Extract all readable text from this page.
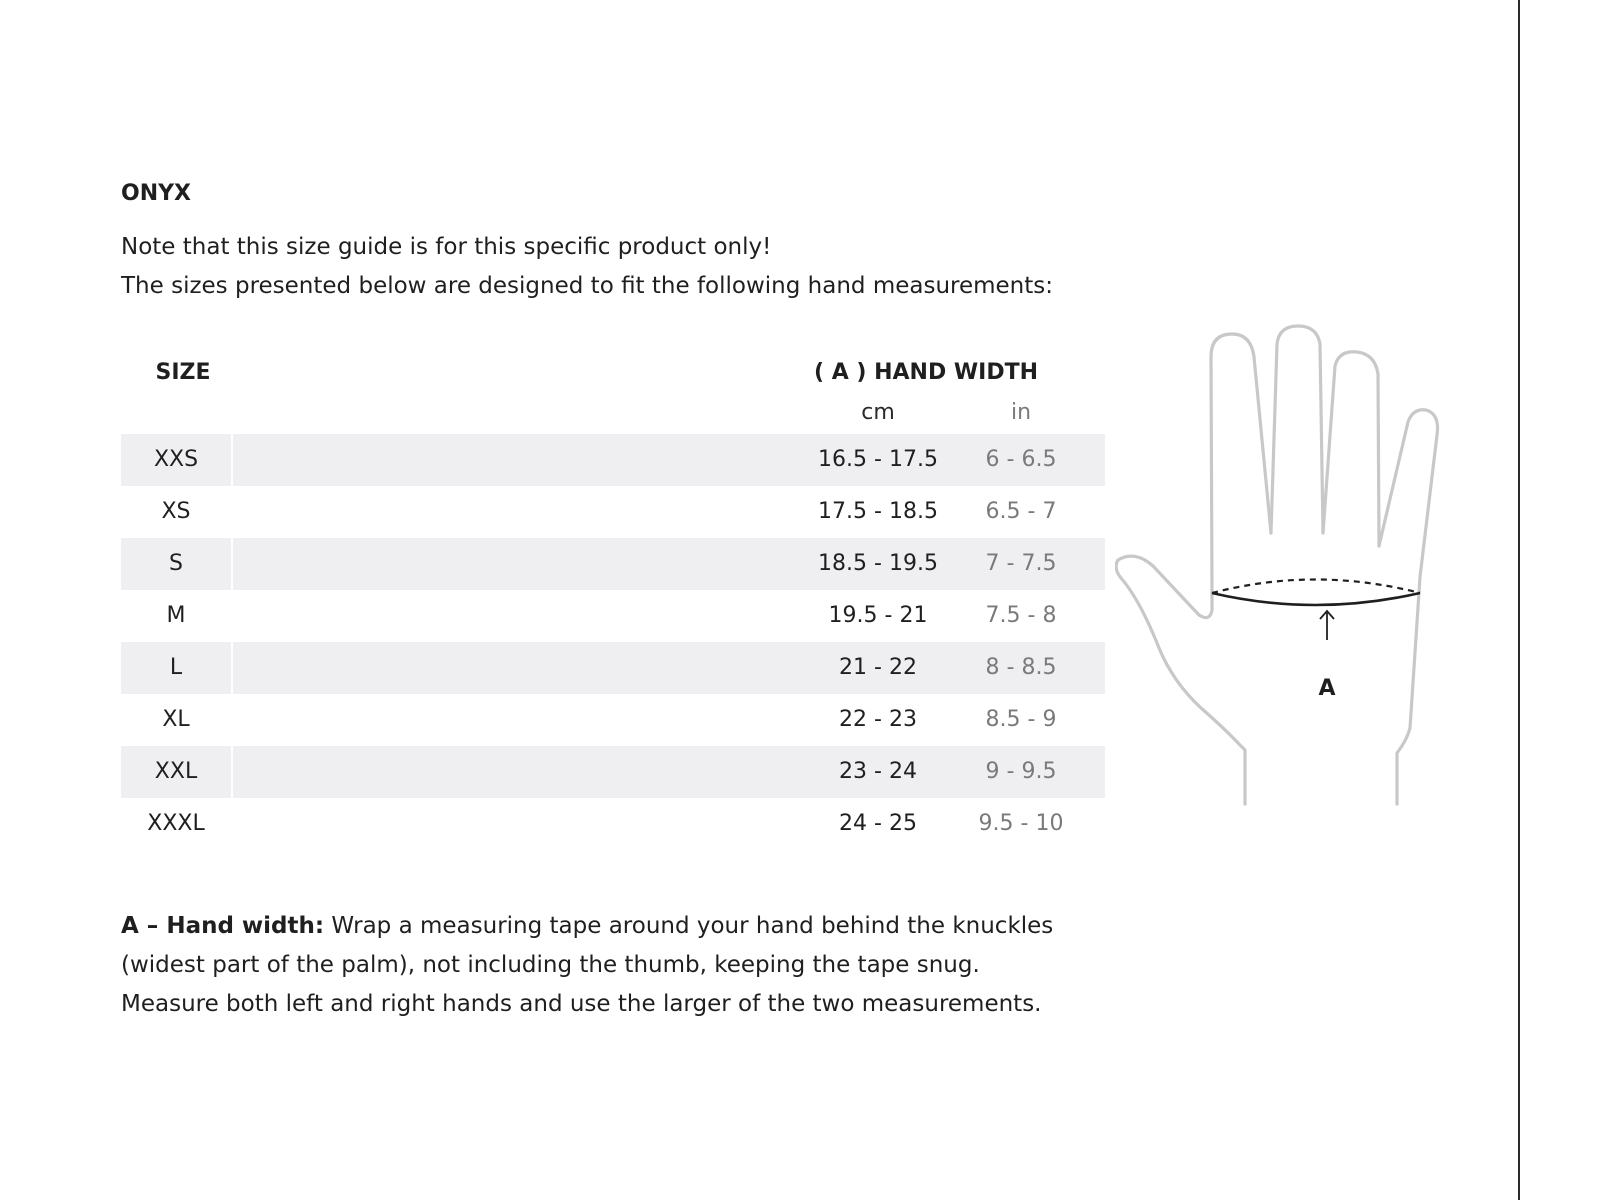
ONYX

Note that this size guide is for this specific product only!

The sizes presented below are designed to fit the following hand measurements:

SIZE	( A ) HAND WIDTH
cm	in
XXS	16.5 - 17.5	6 - 6.5
XS	17.5 - 18.5	6.5 - 7
S	18.5 - 19.5	7 - 7.5
M	19.5 - 21	7.5 - 8
L	21 - 22	8 - 8.5
XL	22 - 23	8.5 - 9
XXL	23 - 24	9 - 9.5
XXXL	24 - 25	9.5 - 10
A

A – Hand width: Wrap a measuring tape around your hand behind the knuckles

(widest part of the palm), not including the thumb, keeping the tape snug.

Measure both left and right hands and use the larger of the two measurements.
